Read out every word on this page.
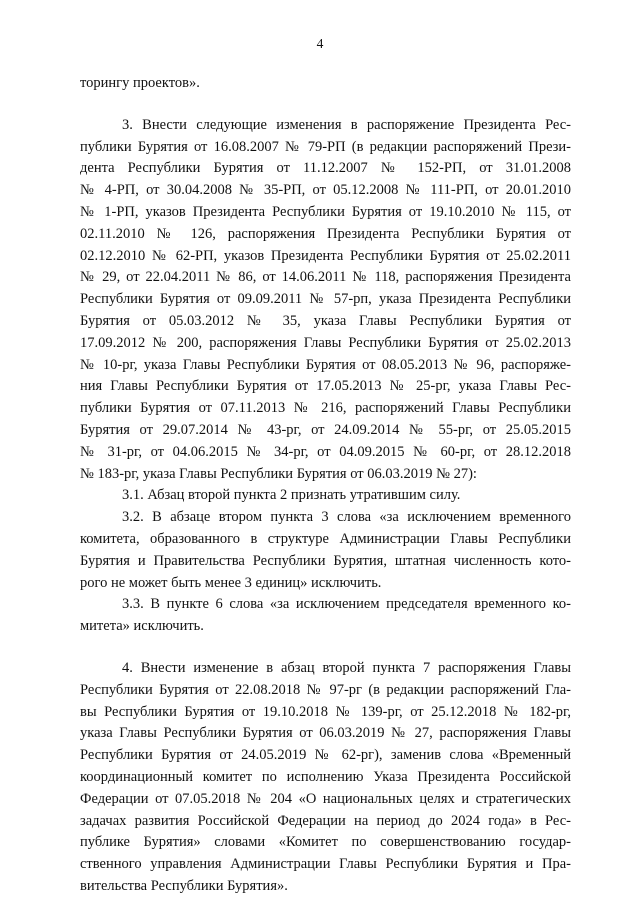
4
торингу проектов».
3. Внести следующие изменения в распоряжение Президента Рес-
публики Бурятия от 16.08.2007 № 79-РП (в редакции распоряжений Прези-
дента Республики Бурятия от 11.12.2007 № 152-РП, от 31.01.2008
№ 4-РП, от 30.04.2008 № 35-РП, от 05.12.2008 № 111-РП, от 20.01.2010
№ 1-РП, указов Президента Республики Бурятия от 19.10.2010 № 115, от
02.11.2010 № 126, распоряжения Президента Республики Бурятия от
02.12.2010 № 62-РП, указов Президента Республики Бурятия от 25.02.2011
№ 29, от 22.04.2011 № 86, от 14.06.2011 № 118, распоряжения Президента
Республики Бурятия от 09.09.2011 № 57-рп, указа Президента Республики
Бурятия от 05.03.2012 № 35, указа Главы Республики Бурятия от
17.09.2012 № 200, распоряжения Главы Республики Бурятия от 25.02.2013
№ 10-рг, указа Главы Республики Бурятия от 08.05.2013 № 96, распоряже-
ния Главы Республики Бурятия от 17.05.2013 № 25-рг, указа Главы Рес-
публики Бурятия от 07.11.2013 № 216, распоряжений Главы Республики
Бурятия от 29.07.2014 № 43-рг, от 24.09.2014 № 55-рг, от 25.05.2015
№ 31-рг, от 04.06.2015 № 34-рг, от 04.09.2015 № 60-рг, от 28.12.2018
№ 183-рг, указа Главы Республики Бурятия от 06.03.2019 № 27):
3.1. Абзац второй пункта 2 признать утратившим силу.
3.2. В абзаце втором пункта 3 слова «за исключением временного
комитета, образованного в структуре Администрации Главы Республики
Бурятия и Правительства Республики Бурятия, штатная численность кото-
рого не может быть менее 3 единиц» исключить.
3.3. В пункте 6 слова «за исключением председателя временного ко-
митета» исключить.
4. Внести изменение в абзац второй пункта 7 распоряжения Главы
Республики Бурятия от 22.08.2018 № 97-рг (в редакции распоряжений Гла-
вы Республики Бурятия от 19.10.2018 № 139-рг, от 25.12.2018 № 182-рг,
указа Главы Республики Бурятия от 06.03.2019 № 27, распоряжения Главы
Республики Бурятия от 24.05.2019 № 62-рг), заменив слова «Временный
координационный комитет по исполнению Указа Президента Российской
Федерации от 07.05.2018 № 204 «О национальных целях и стратегических
задачах развития Российской Федерации на период до 2024 года» в Рес-
публике Бурятия» словами «Комитет по совершенствованию государ-
ственного управления Администрации Главы Республики Бурятия и Пра-
вительства Республики Бурятия».
